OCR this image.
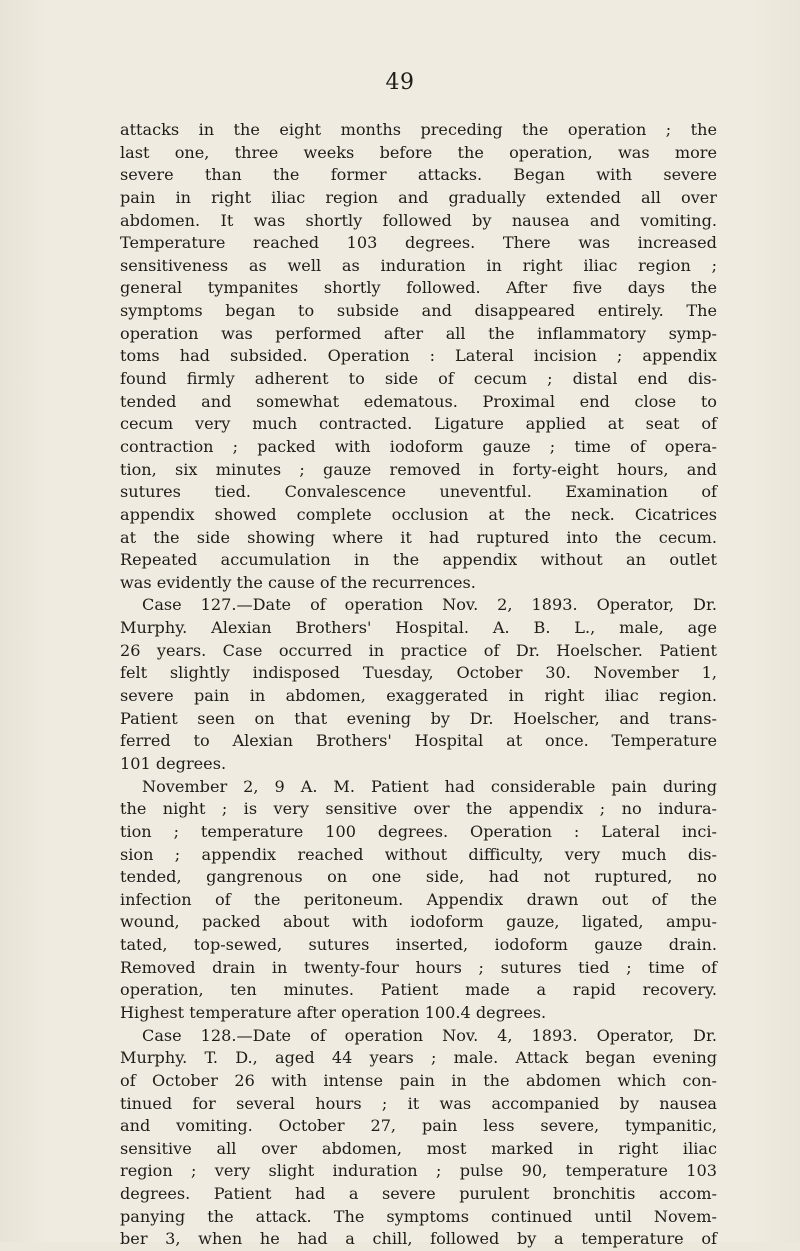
49
attacks in the eight months preceding the operation ; the
last one, three weeks before the operation, was more
severe than the former attacks. Began with severe
pain in right iliac region and gradually extended all over
abdomen. It was shortly followed by nausea and vomiting.
Temperature reached 103 degrees. There was increased
sensitiveness as well as induration in right iliac region ;
general tympanites shortly followed. After five days the
symptoms began to subside and disappeared entirely. The
operation was performed after all the inflammatory symp-
toms had subsided. Operation : Lateral incision ; appendix
found firmly adherent to side of cecum ; distal end dis-
tended and somewhat edematous. Proximal end close to
cecum very much contracted. Ligature applied at seat of
contraction ; packed with iodoform gauze ; time of opera-
tion, six minutes ; gauze removed in forty-eight hours, and
sutures tied. Convalescence uneventful. Examination of
appendix showed complete occlusion at the neck. Cicatrices
at the side showing where it had ruptured into the cecum.
Repeated accumulation in the appendix without an outlet
was evidently the cause of the recurrences.
Case 127.—Date of operation Nov. 2, 1893. Operator, Dr.
Murphy. Alexian Brothers' Hospital. A. B. L., male, age
26 years. Case occurred in practice of Dr. Hoelscher. Patient
felt slightly indisposed Tuesday, October 30. November 1,
severe pain in abdomen, exaggerated in right iliac region.
Patient seen on that evening by Dr. Hoelscher, and trans-
ferred to Alexian Brothers' Hospital at once. Temperature
101 degrees.
November 2, 9 A. M. Patient had considerable pain during
the night ; is very sensitive over the appendix ; no indura-
tion ; temperature 100 degrees. Operation : Lateral inci-
sion ; appendix reached without difficulty, very much dis-
tended, gangrenous on one side, had not ruptured, no
infection of the peritoneum. Appendix drawn out of the
wound, packed about with iodoform gauze, ligated, ampu-
tated, top-sewed, sutures inserted, iodoform gauze drain.
Removed drain in twenty-four hours ; sutures tied ; time of
operation, ten minutes. Patient made a rapid recovery.
Highest temperature after operation 100.4 degrees.
Case 128.—Date of operation Nov. 4, 1893. Operator, Dr.
Murphy. T. D., aged 44 years ; male. Attack began evening
of October 26 with intense pain in the abdomen which con-
tinued for several hours ; it was accompanied by nausea
and vomiting. October 27, pain less severe, tympanitic,
sensitive all over abdomen, most marked in right iliac
region ; very slight induration ; pulse 90, temperature 103
degrees. Patient had a severe purulent bronchitis accom-
panying the attack. The symptoms continued until Novem-
ber 3, when he had a chill, followed by a temperature of
